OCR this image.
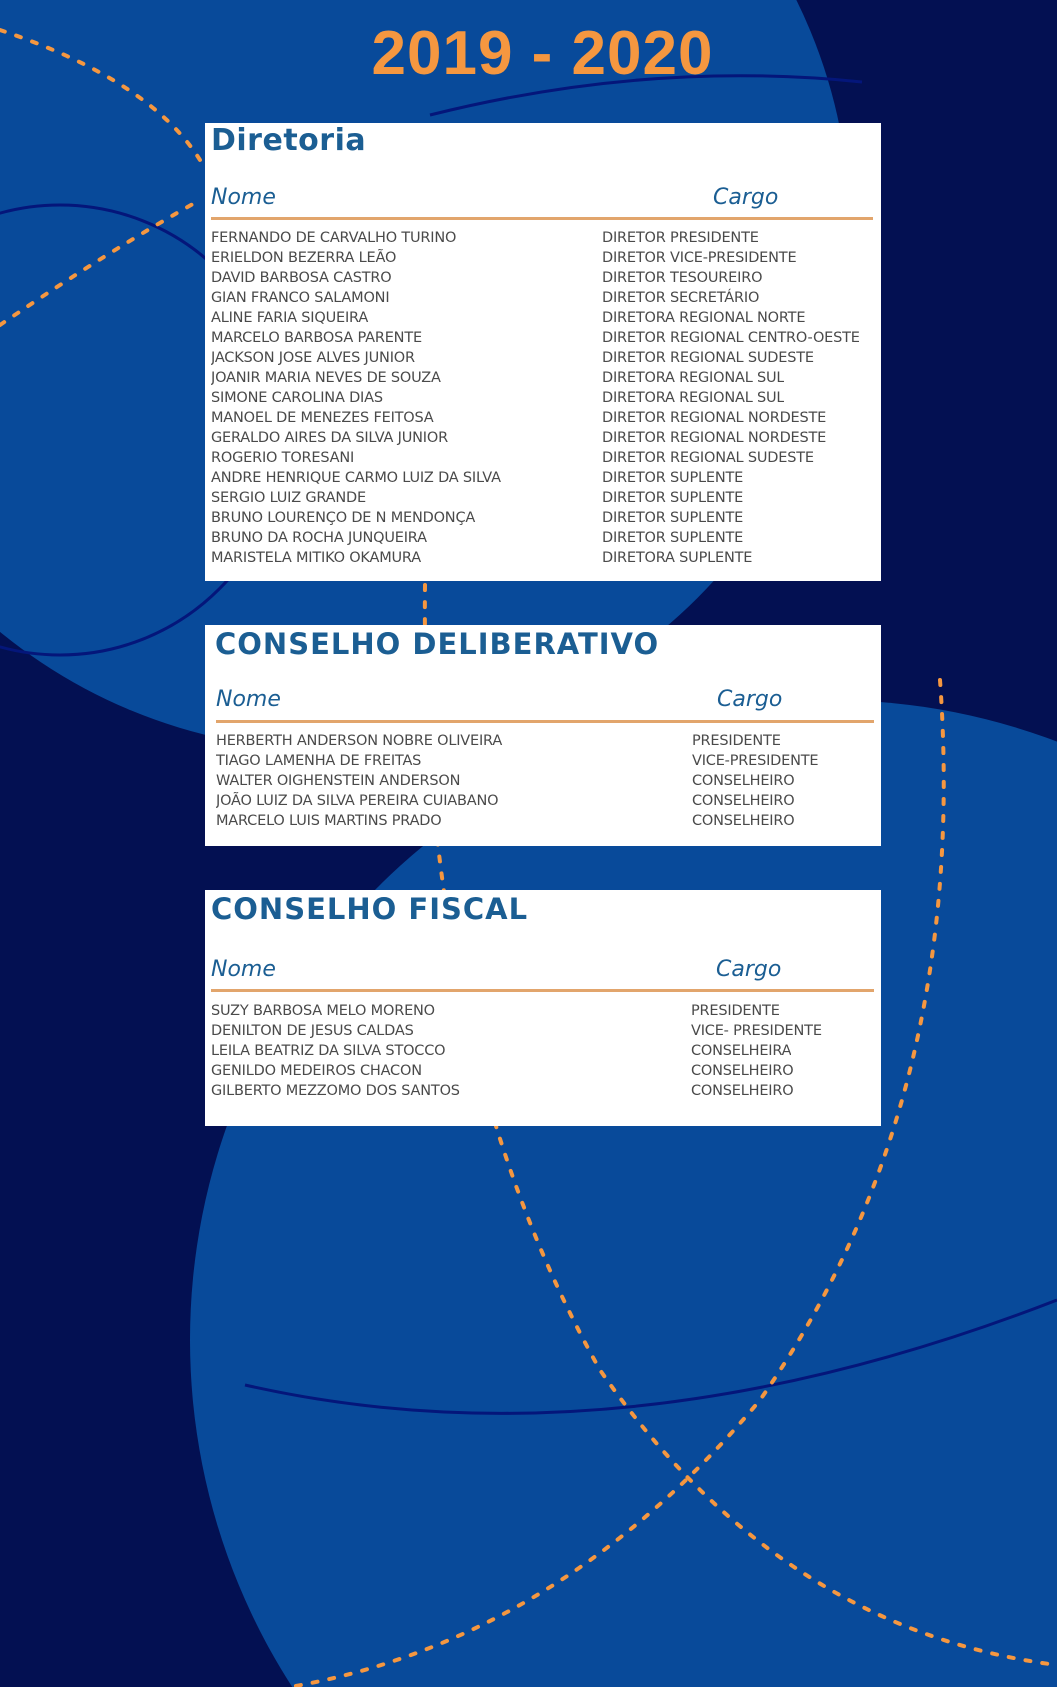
2019 - 2020
Diretoria
Nome	Cargo
FERNANDO DE CARVALHO TURINO	DIRETOR PRESIDENTE
ERIELDON BEZERRA LEÃO	DIRETOR VICE-PRESIDENTE
DAVID BARBOSA CASTRO	DIRETOR TESOUREIRO
GIAN FRANCO SALAMONI	DIRETOR SECRETÁRIO
ALINE FARIA SIQUEIRA	DIRETORA REGIONAL NORTE
MARCELO BARBOSA PARENTE	DIRETOR REGIONAL CENTRO-OESTE
JACKSON JOSE ALVES JUNIOR	DIRETOR REGIONAL SUDESTE
JOANIR MARIA NEVES DE SOUZA	DIRETORA REGIONAL SUL
SIMONE CAROLINA DIAS	DIRETORA REGIONAL SUL
MANOEL DE MENEZES FEITOSA	DIRETOR REGIONAL NORDESTE
GERALDO AIRES DA SILVA JUNIOR	DIRETOR REGIONAL NORDESTE
ROGERIO TORESANI	DIRETOR REGIONAL SUDESTE
ANDRE HENRIQUE CARMO LUIZ DA SILVA	DIRETOR SUPLENTE
SERGIO LUIZ GRANDE	DIRETOR SUPLENTE
BRUNO LOURENÇO DE N MENDONÇA	DIRETOR SUPLENTE
BRUNO DA ROCHA JUNQUEIRA	DIRETOR SUPLENTE
MARISTELA MITIKO OKAMURA	DIRETORA SUPLENTE
CONSELHO DELIBERATIVO
Nome	Cargo
HERBERTH ANDERSON NOBRE OLIVEIRA	PRESIDENTE
TIAGO LAMENHA DE FREITAS	VICE-PRESIDENTE
WALTER OIGHENSTEIN ANDERSON	CONSELHEIRO
JOÃO LUIZ DA SILVA PEREIRA CUIABANO	CONSELHEIRO
MARCELO LUIS MARTINS PRADO	CONSELHEIRO
CONSELHO FISCAL
Nome	Cargo
SUZY BARBOSA MELO MORENO	PRESIDENTE
DENILTON DE JESUS CALDAS	VICE- PRESIDENTE
LEILA BEATRIZ DA SILVA STOCCO	CONSELHEIRA
GENILDO MEDEIROS CHACON	CONSELHEIRO
GILBERTO MEZZOMO DOS SANTOS	CONSELHEIRO
